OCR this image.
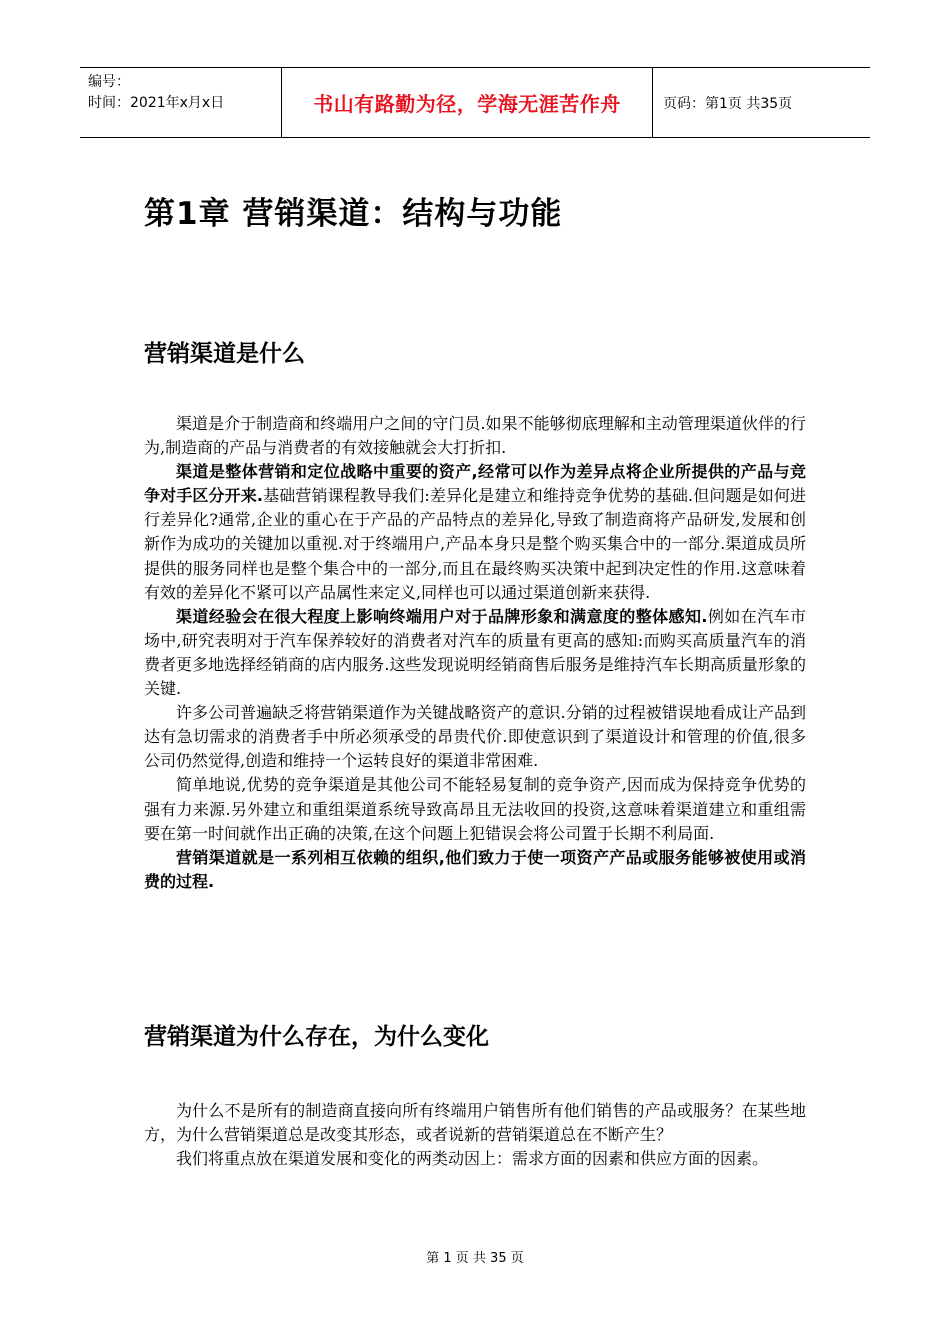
编号：
时间：2021年x月x日	书山有路勤为径，学海无涯苦作舟	页码：第1页 共35页
第1章 营销渠道：结构与功能
营销渠道是什么

渠道是介于制造商和终端用户之间的守门员.如果不能够彻底理解和主动管理渠道伙伴的行为,制造商的产品与消费者的有效接触就会大打折扣.

渠道是整体营销和定位战略中重要的资产,经常可以作为差异点将企业所提供的产品与竞争对手区分开来.基础营销课程教导我们:差异化是建立和维持竞争优势的基础.但问题是如何进行差异化?通常,企业的重心在于产品的产品特点的差异化,导致了制造商将产品研发,发展和创新作为成功的关键加以重视.对于终端用户,产品本身只是整个购买集合中的一部分.渠道成员所提供的服务同样也是整个集合中的一部分,而且在最终购买决策中起到决定性的作用.这意味着有效的差异化不紧可以产品属性来定义,同样也可以通过渠道创新来获得.

渠道经验会在很大程度上影响终端用户对于品牌形象和满意度的整体感知.例如在汽车市场中,研究表明对于汽车保养较好的消费者对汽车的质量有更高的感知:而购买高质量汽车的消费者更多地选择经销商的店内服务.这些发现说明经销商售后服务是维持汽车长期高质量形象的关键.

许多公司普遍缺乏将营销渠道作为关键战略资产的意识.分销的过程被错误地看成让产品到达有急切需求的消费者手中所必须承受的昂贵代价.即使意识到了渠道设计和管理的价值,很多公司仍然觉得,创造和维持一个运转良好的渠道非常困难.

简单地说,优势的竞争渠道是其他公司不能轻易复制的竞争资产,因而成为保持竞争优势的强有力来源.另外建立和重组渠道系统导致高昂且无法收回的投资,这意味着渠道建立和重组需要在第一时间就作出正确的决策,在这个问题上犯错误会将公司置于长期不利局面.

营销渠道就是一系列相互依赖的组织,他们致力于使一项资产产品或服务能够被使用或消费的过程.

营销渠道为什么存在，为什么变化

为什么不是所有的制造商直接向所有终端用户销售所有他们销售的产品或服务？在某些地方，为什么营销渠道总是改变其形态，或者说新的营销渠道总在不断产生？

我们将重点放在渠道发展和变化的两类动因上：需求方面的因素和供应方面的因素。

第 1 页 共 35 页
